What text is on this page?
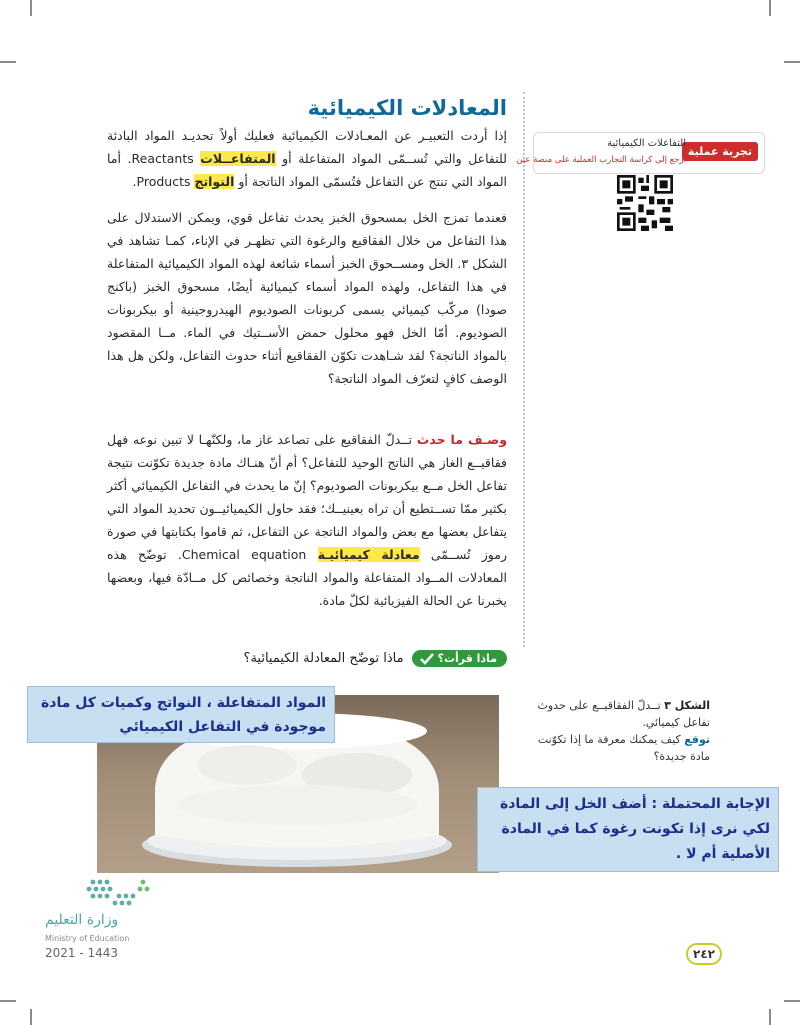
المعادلات الكيميائية

إذا أردت التعبيـر عن المعـادلات الكيميائية فعليك أولاً تحديـد المواد البادئة للتفاعل والتي تُســمّى المواد المتفاعلة أو المتفاعــلات Reactants. أما المواد التي تنتج عن التفاعل فتُسمّى المواد الناتجة أو النواتج Products.

فعندما تمزج الخل بمسحوق الخبز يحدث تفاعل قوي، ويمكن الاستدلال على هذا التفاعل من خلال الفقاقيع والرغوة التي تظهـر في الإناء، كمـا تشاهد في الشكل ٣. الخل ومســحوق الخبز أسماء شائعة لهذه المواد الكيميائية المتفاعلة في هذا التفاعل، ولهذه المواد أسماء كيميائية أيضًا، مسحوق الخبز (باكنج صودا) مركّب كيميائي يسمى كربونات الصوديوم الهيدروجينية أو بيكربونات الصوديوم. أمّا الخل فهو محلول حمض الأســتيك في الماء. مــا المقصود بالمواد الناتجة؟ لقد شـاهدت تكوّن الفقاقيع أثناء حدوث التفاعل، ولكن هل هذا الوصف كافٍ لتعرّف المواد الناتجة؟

وصـف ما حدث تــدلّ الفقاقيع على تصاعد غاز ما، ولكنّهـا لا تبين نوعه فهل فقاقيــع الغاز هي الناتج الوحيد للتفاعل؟ أم أنّ هنـاك مادة جديدة تكوّنت نتيجة تفاعل الخل مــع بيكربونات الصوديوم؟ إنّ ما يحدث في التفاعل الكيميائي أكثر بكثير ممّا تســتطيع أن تراه بعينيــك؛ فقد حاول الكيميائيــون تحديد المواد التي يتفاعل بعضها مع بعض والمواد الناتجة عن التفاعل، ثم قاموا بكتابتها في صورة رموز تُســمّى معادلة كيميائيـة Chemical equation. توضّح هذه المعادلات المــواد المتفاعلة والمواد الناتجة وخصائص كل مــادّة فيها، وبعضها يخبرنا عن الحالة الفيزيائية لكلّ مادة.

ماذا قرأت؟
ماذا توضّح المعادلة الكيميائية؟
تجربة عملية
التفاعلات الكيميائية
ارجع إلى كراسة التجارب العملية على منصة عين
المواد المتفاعلة ، النواتج وكميات كل مادة موجودة في التفاعل الكيميائي
الإجابة المحتملة : أضف الخل إلى المادة لكي نرى إذا تكونت رغوة كما في المادة الأصلية أم لا .
الشكل ٣ تــدلّ الفقاقيــع على حدوث تفاعل كيميائي.
توقع كيف يمكنك معرفة ما إذا تكوّنت مادة جديدة؟
وزارة التعليم
Ministry of Education
2021 - 1443	٢٤٢
